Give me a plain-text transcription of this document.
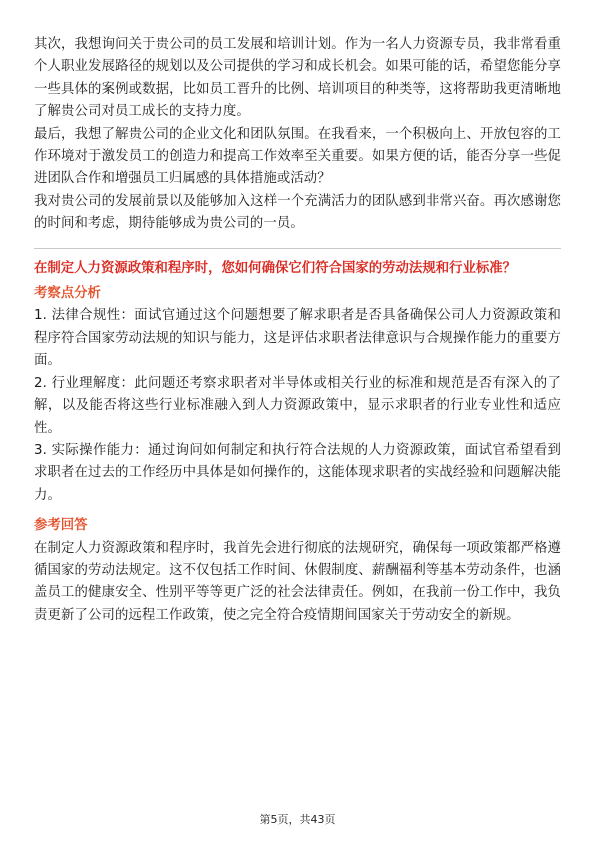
其次，我想询问关于贵公司的员工发展和培训计划。作为一名人力资源专员，我非常看重个人职业发展路径的规划以及公司提供的学习和成长机会。如果可能的话，希望您能分享一些具体的案例或数据，比如员工晋升的比例、培训项目的种类等，这将帮助我更清晰地了解贵公司对员工成长的支持力度。

最后，我想了解贵公司的企业文化和团队氛围。在我看来，一个积极向上、开放包容的工作环境对于激发员工的创造力和提高工作效率至关重要。如果方便的话，能否分享一些促进团队合作和增强员工归属感的具体措施或活动？

我对贵公司的发展前景以及能够加入这样一个充满活力的团队感到非常兴奋。再次感谢您的时间和考虑，期待能够成为贵公司的一员。

在制定人力资源政策和程序时，您如何确保它们符合国家的劳动法规和行业标准？

考察点分析

1. 法律合规性：面试官通过这个问题想要了解求职者是否具备确保公司人力资源政策和程序符合国家劳动法规的知识与能力，这是评估求职者法律意识与合规操作能力的重要方面。

2. 行业理解度：此问题还考察求职者对半导体或相关行业的标准和规范是否有深入的了解，以及能否将这些行业标准融入到人力资源政策中，显示求职者的行业专业性和适应性。

3. 实际操作能力：通过询问如何制定和执行符合法规的人力资源政策，面试官希望看到求职者在过去的工作经历中具体是如何操作的，这能体现求职者的实战经验和问题解决能力。

参考回答

在制定人力资源政策和程序时，我首先会进行彻底的法规研究，确保每一项政策都严格遵循国家的劳动法规定。这不仅包括工作时间、休假制度、薪酬福利等基本劳动条件，也涵盖员工的健康安全、性别平等等更广泛的社会法律责任。例如，在我前一份工作中，我负责更新了公司的远程工作政策，使之完全符合疫情期间国家关于劳动安全的新规。

第5页，共43页
